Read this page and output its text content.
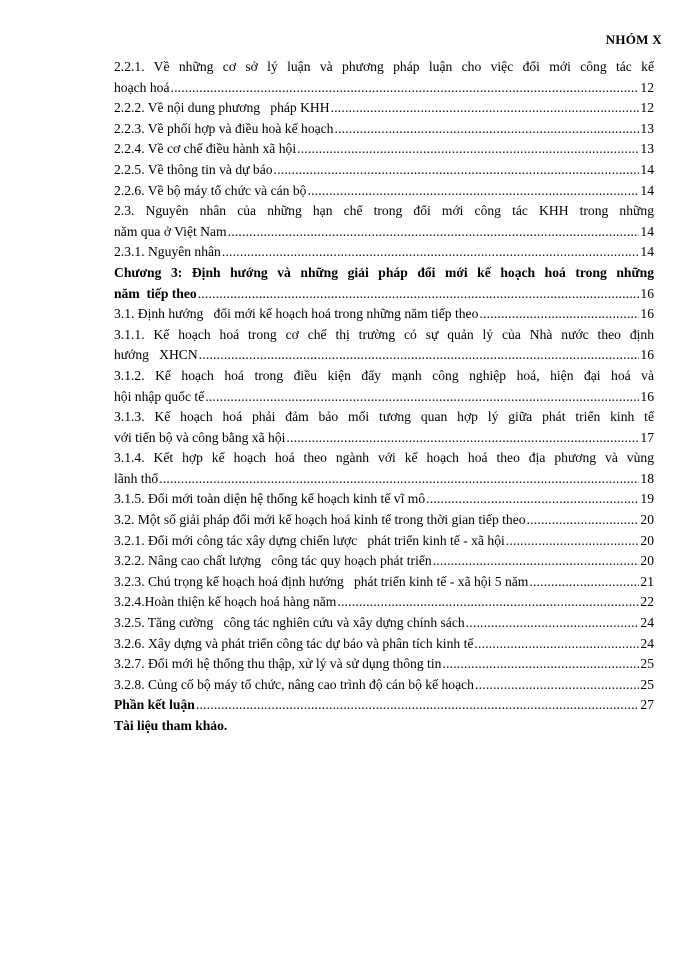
NHÓM X
2.2.1. Về những cơ sở lý luận và phương pháp luận cho việc đổi mới công tác kế
hoạch hoá . . .	12
2.2.2. Về nội dung phương   pháp KHH . . .	12
2.2.3. Về phối hợp và điều hoà kế hoạch . . .	13
2.2.4. Về cơ chế điều hành xã hội . . .	13
2.2.5. Về thông tin và dự báo . . .	14
2.2.6. Về bộ máy tổ chức và cán bộ . . .	14
2.3. Nguyên nhân của những hạn chế trong đổi mới công tác KHH trong những
năm qua ở Việt Nam . . .	14
2.3.1. Nguyên nhân . . .	14
Chương 3: Định hướng và những giải pháp đổi mới kế hoạch hoá trong những
năm  tiếp theo . . .	16
3.1. Định hướng   đổi mới kế hoạch hoá trong những năm tiếp theo . . .	16
3.1.1. Kế hoạch hoá trong cơ chế thị trường có sự quản lý của Nhà nước theo định
hướng   XHCN . . .	16
3.1.2. Kế hoạch hoá trong điều kiện đẩy mạnh công nghiệp hoá, hiện đại hoá và
hội nhập quốc tế . . .	16
3.1.3. Kế hoạch hoá phải đảm bảo mối tương quan hợp lý giữa phát triển kinh tế
với tiến bộ và công bằng xã hội . . .	17
3.1.4. Kết hợp kế hoạch hoá theo ngành với kế hoạch hoá theo địa phương và vùng
lãnh thổ . . .	18
3.1.5. Đổi mới toàn diện hệ thống kế hoạch kinh tế vĩ mô . . .	19
3.2. Một số giải pháp đổi mới kế hoạch hoá kinh tế trong thời gian tiếp theo . . .	20
3.2.1. Đổi mới công tác xây dựng chiến lược   phát triển kinh tế - xã hội . . .	20
3.2.2. Nâng cao chất lượng   công tác quy hoạch phát triển . . .	20
3.2.3. Chú trọng kế hoạch hoá định hướng   phát triển kinh tế - xã hội 5 năm . . .	21
3.2.4.Hoàn thiện kế hoạch hoá hàng năm . . .	22
3.2.5. Tăng cường   công tác nghiên cứu và xây dựng chính sách . . .	24
3.2.6. Xây dựng và phát triển công tác dự báo và phân tích kinh tế . . .	24
3.2.7. Đổi mới hệ thống thu thập, xử lý và sử dụng thông tin . . .	25
3.2.8. Củng cố bộ máy tổ chức, nâng cao trình độ cán bộ kế hoạch . . .	25
Phần kết luận . . .	27
Tài liệu tham khảo.
